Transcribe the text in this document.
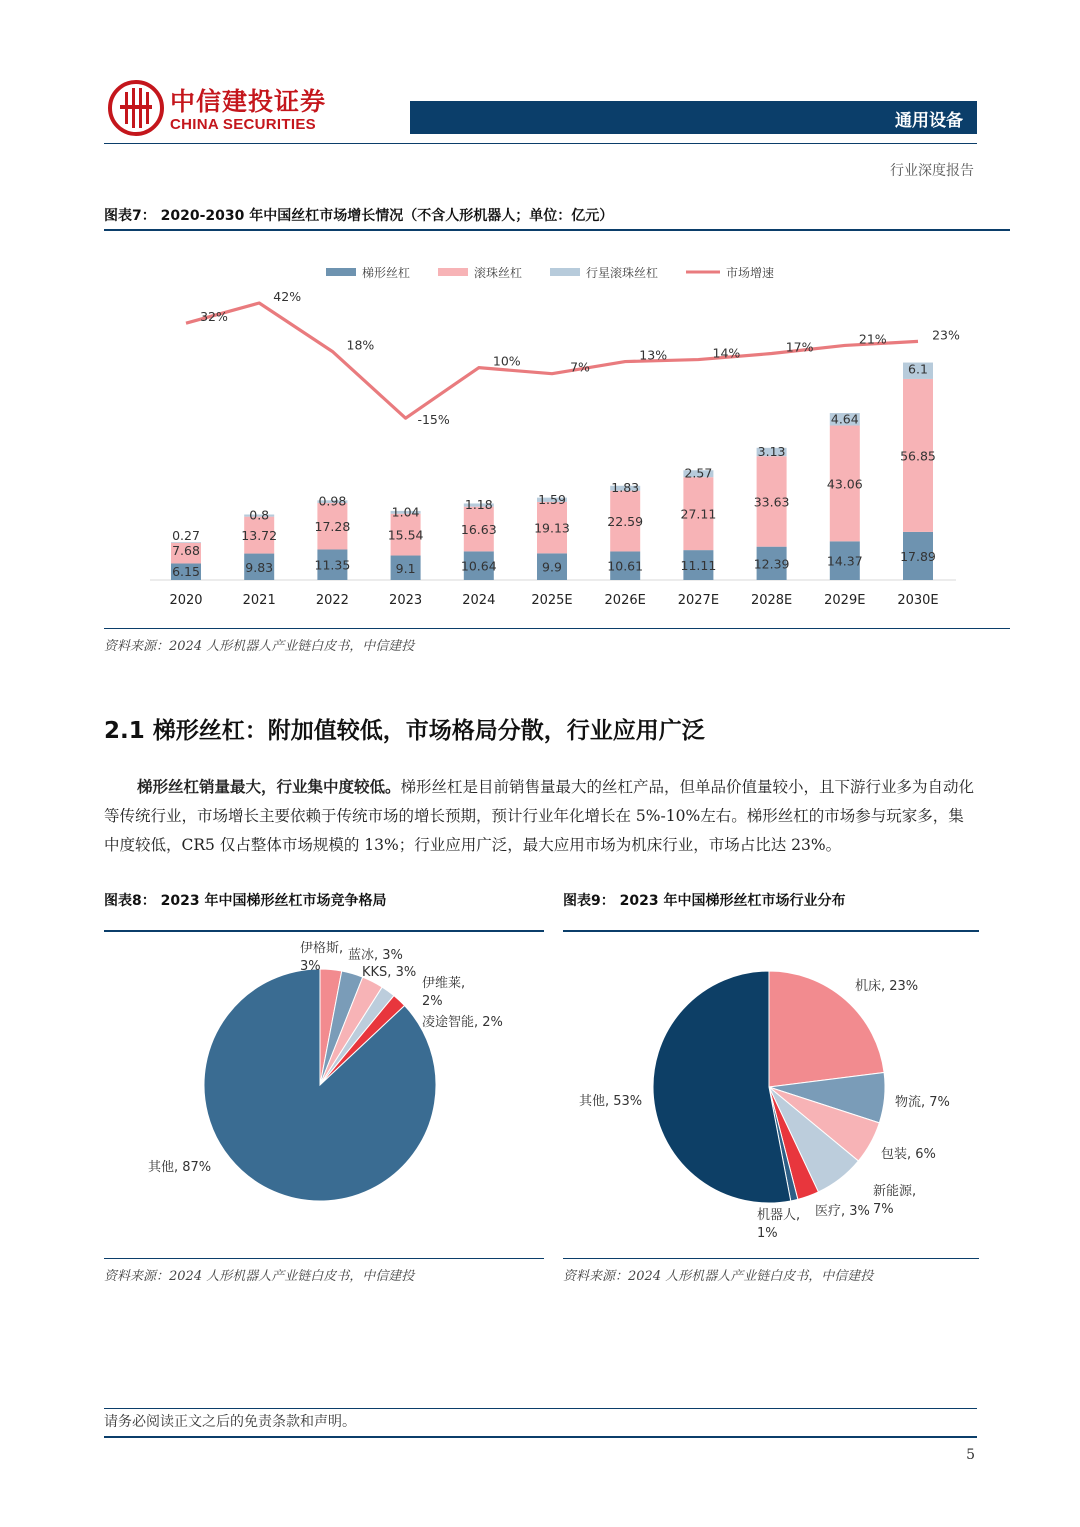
中信建投证券
CHINA SECURITIES	通用设备
行业深度报告
图表7： 2020-2030 年中国丝杠市场增长情况（不含人形机器人；单位：亿元）
梯形丝杠	滚珠丝杠	行星滚珠丝杠	市场增速
6.15
7.68
0.27
2020
9.83
13.72
0.8
2021
11.35
17.28
0.98
2022
9.1
15.54
1.04
2023
10.64
16.63
1.18
2024
9.9
19.13
1.59
2025E
10.61
22.59
1.83
2026E
11.11
27.11
2.57
2027E
12.39
33.63
3.13
2028E
14.37
43.06
4.64
2029E
17.89
56.85
6.1
2030E
32%
42%
18%
-15%
10%	7%
13%	14%	17%
21%	23%
资料来源：2024 人形机器人产业链白皮书，中信建投
2.1 梯形丝杠：附加值较低，市场格局分散，行业应用广泛
梯形丝杠销量最大，行业集中度较低。梯形丝杠是目前销售量最大的丝杠产品，但单品价值量较小，且下游行业多为自动化等传统行业，市场增长主要依赖于传统市场的增长预期，预计行业年化增长在 5%-10%左右。梯形丝杠的市场参与玩家多，集中度较低，CR5 仅占整体市场规模的 13%；行业应用广泛，最大应用市场为机床行业，市场占比达 23%。
图表8： 2023 年中国梯形丝杠市场竞争格局
伊格斯,
3%
蓝冰, 3%
KKS, 3%
伊维莱,
2%
凌途智能, 2%
其他, 87%
资料来源：2024 人形机器人产业链白皮书，中信建投
图表9： 2023 年中国梯形丝杠市场行业分布
机床, 23%
物流, 7%
包装, 6%
新能源,
7%
医疗, 3%
机器人,
1%
其他, 53%
资料来源：2024 人形机器人产业链白皮书，中信建投
请务必阅读正文之后的免责条款和声明。
5
